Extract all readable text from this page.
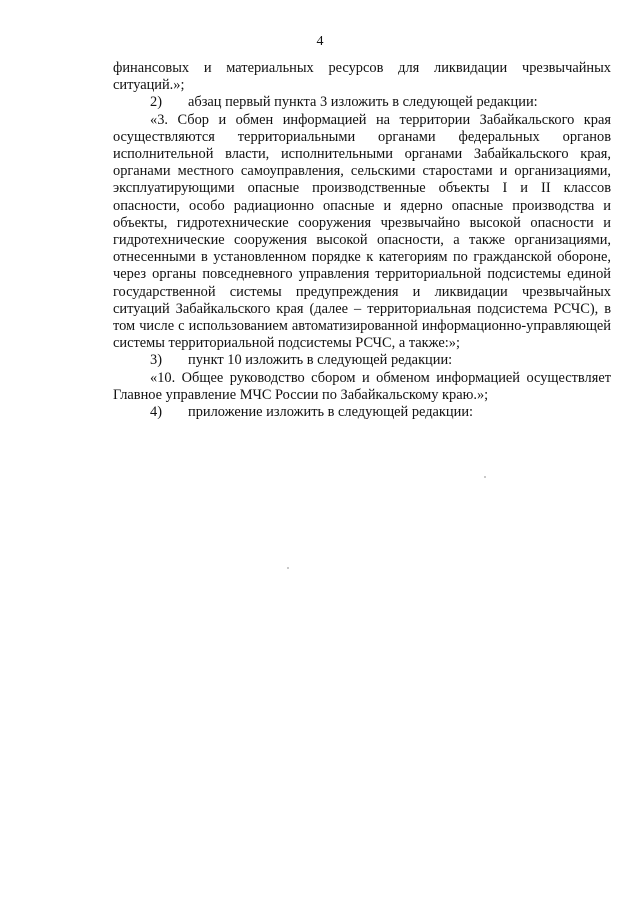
4

финансовых и материальных ресурсов для ликвидации чрезвычайных ситуаций.»;

2) абзац первый пункта 3 изложить в следующей редакции:

«3. Сбор и обмен информацией на территории Забайкальского края осуществляются территориальными органами федеральных органов исполнительной власти, исполнительными органами Забайкальского края, органами местного самоуправления, сельскими старостами и организациями, эксплуатирующими опасные производственные объекты I и II классов опасности, особо радиационно опасные и ядерно опасные производства и объекты, гидротехнические сооружения чрезвычайно высокой опасности и гидротехнические сооружения высокой опасности, а также организациями, отнесенными в установленном порядке к категориям по гражданской обороне, через органы повседневного управления территориальной подсистемы единой государственной системы предупреждения и ликвидации чрезвычайных ситуаций Забайкальского края (далее – территориальная подсистема РСЧС), в том числе с использованием автоматизированной информационно-управляющей системы территориальной подсистемы РСЧС, а также:»;

3) пункт 10 изложить в следующей редакции:

«10. Общее руководство сбором и обменом информацией осуществляет Главное управление МЧС России по Забайкальскому краю.»;

4) приложение изложить в следующей редакции:
